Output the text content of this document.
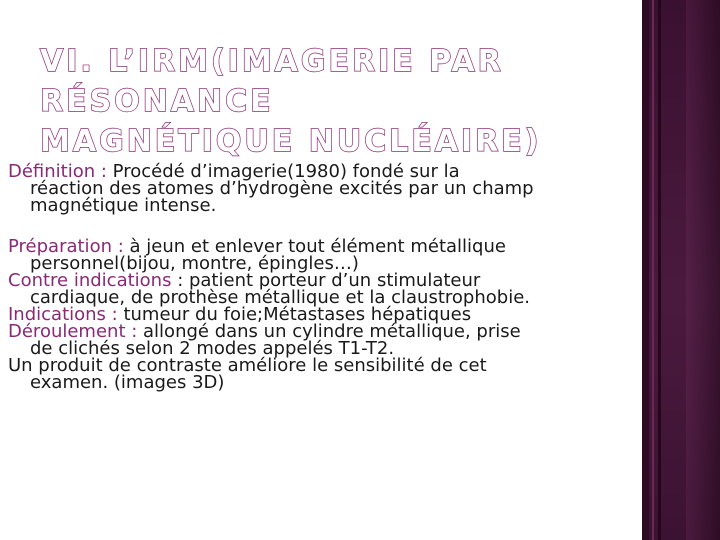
VI. L’IRM(IMAGERIE PAR RÉSONANCE
MAGNÉTIQUE NUCLÉAIRE)
Définition : Procédé d’imagerie(1980) fondé sur la
réaction des atomes d’hydrogène excités par un champ
magnétique intense.
Préparation : à jeun et enlever tout élément métallique
personnel(bijou, montre, épingles…)
Contre indications : patient porteur d’un stimulateur
cardiaque, de prothèse métallique et la claustrophobie.
Indications : tumeur du foie;Métastases hépatiques
Déroulement : allongé dans un cylindre métallique, prise
de clichés selon 2 modes appelés T1-T2.
Un produit de contraste améliore le sensibilité de cet
examen. (images 3D)
